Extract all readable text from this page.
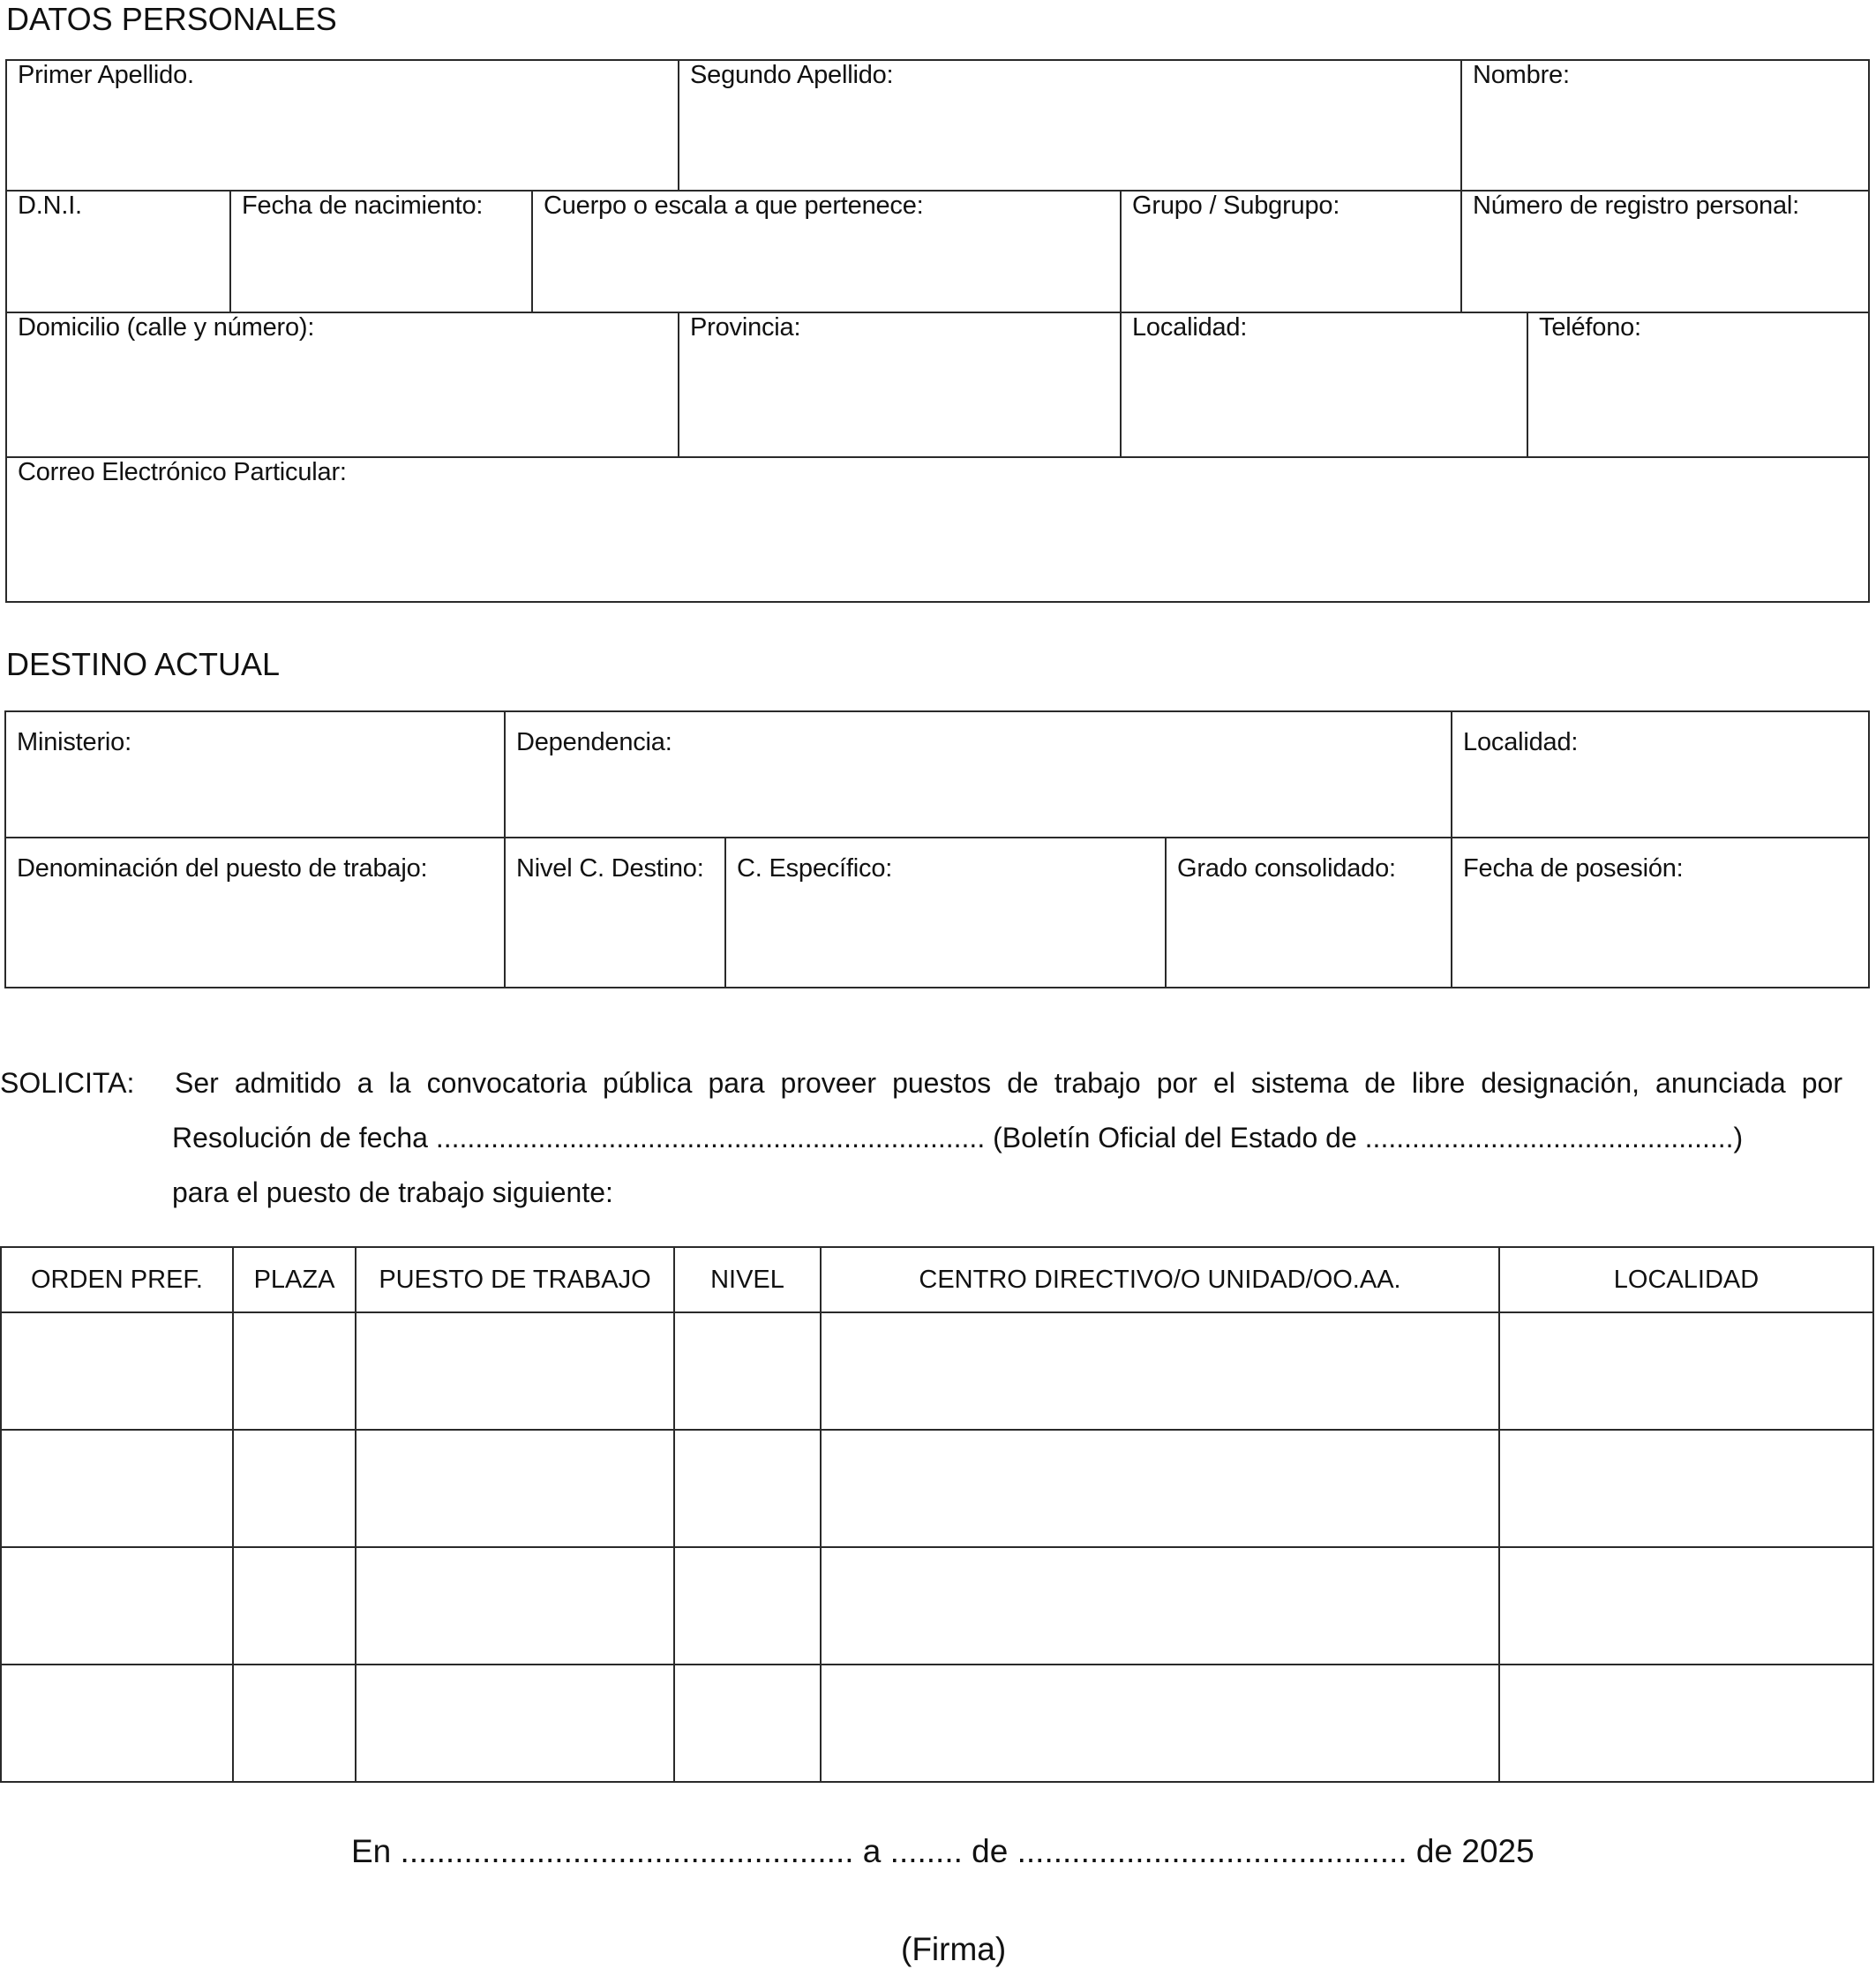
DATOS PERSONALES
Primer Apellido.			Segundo Apellido:		Nombre:	

D.N.I.	Fecha de nacimiento:	Cuerpo o escala a que pertenece:		Grupo / Subgrupo:	Número de registro personal:	

Domicilio (calle y número):			Provincia:	Localidad:		Teléfono:

Correo Electrónico Particular:						
DESTINO ACTUAL
Ministerio:	Dependencia:			Localidad:

Denominación del puesto de trabajo:	Nivel C. Destino:	C. Específico:	Grado consolidado:	Fecha de posesión:
SOLICITA: Ser admitido a la convocatoria pública para proveer puestos de trabajo por el sistema de libre designación, anunciada por
Resolución de fecha ...................................................................... (Boletín Oficial del Estado de ...............................................)
para el puesto de trabajo siguiente:
ORDEN PREF.	PLAZA	PUESTO DE TRABAJO	NIVEL	CENTRO DIRECTIVO/O UNIDAD/OO.AA.	LOCALIDAD

En .................................................. a ........ de ........................................... de 2025
(Firma)
